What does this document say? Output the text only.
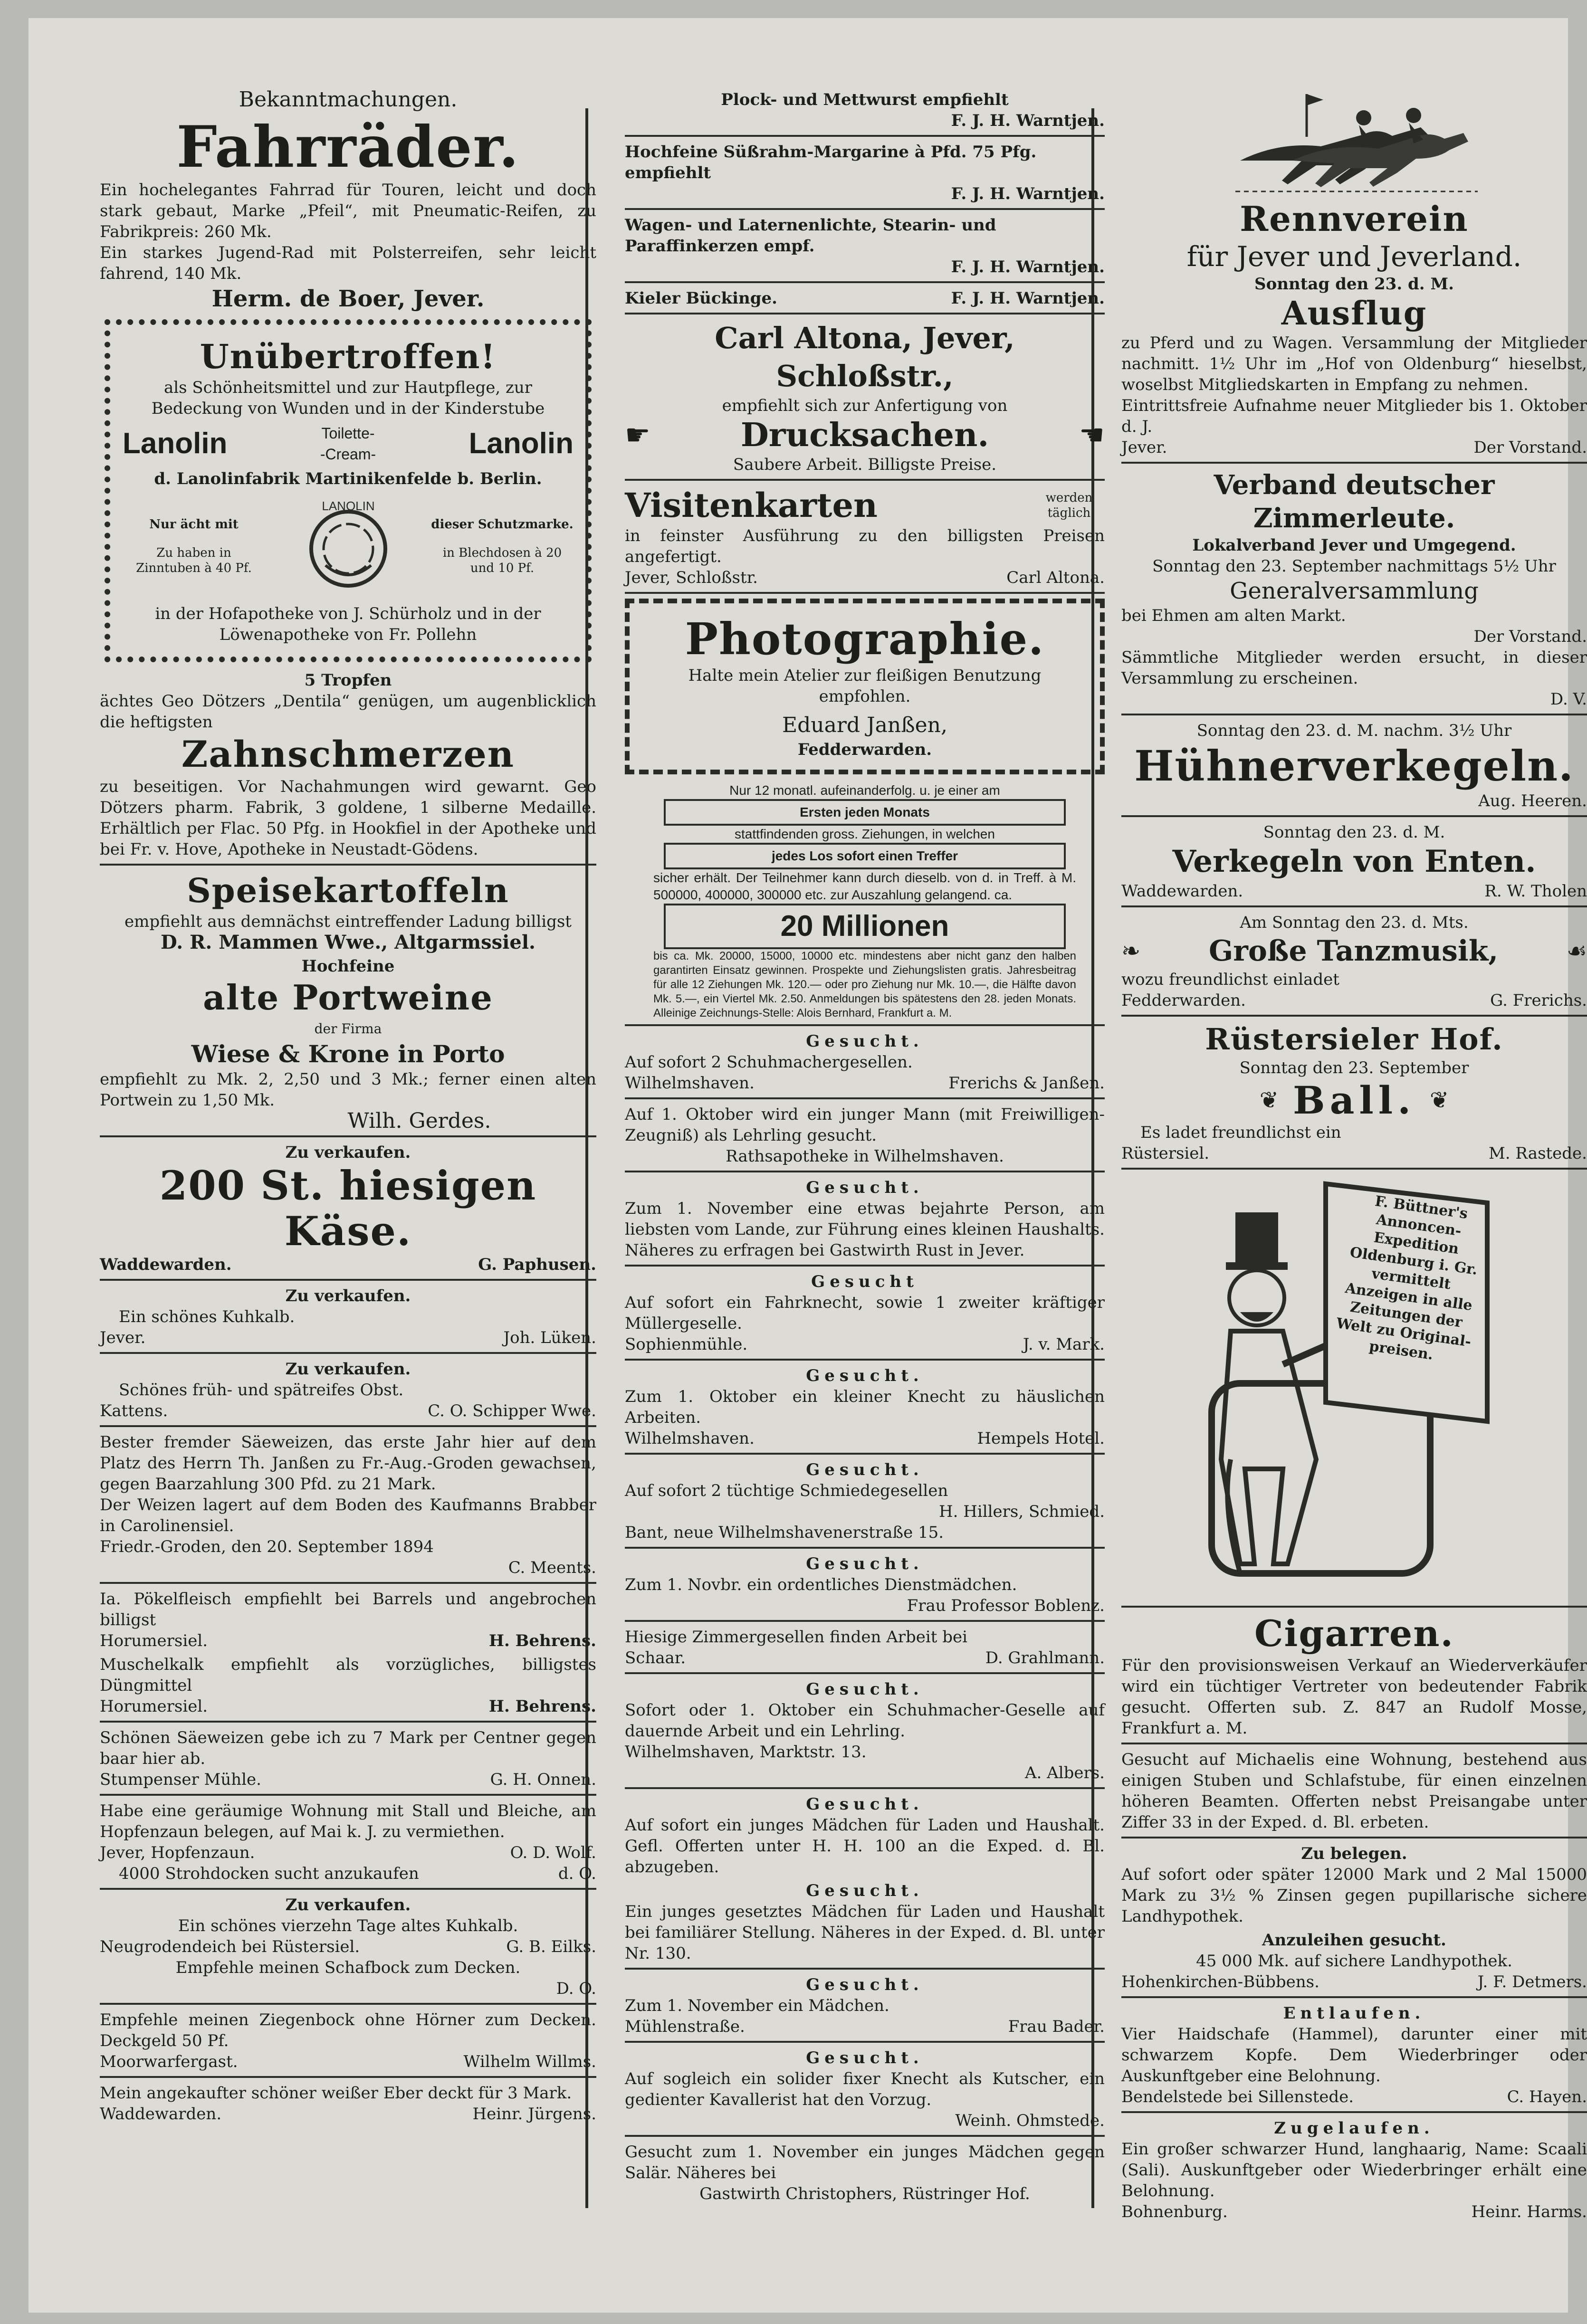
Bekanntmachungen.
Fahrräder.
Ein hochelegantes Fahrrad für Touren, leicht und doch stark gebaut, Marke „Pfeil“, mit Pneumatic-Reifen, zu Fabrikpreis: 260 Mk.
Ein starkes Jugend-Rad mit Polsterreifen, sehr leicht fahrend, 140 Mk.
Herm. de Boer, Jever.
Unübertroffen!
als Schönheitsmittel und zur Hautpflege, zur Bedeckung von Wunden und in der Kinderstube
Lanolin	Toilette-
-Cream-	Lanolin
d. Lanolinfabrik Martinikenfelde b. Berlin.
Nur ächt mit
Zu haben in Zinntuben à 40 Pf.
LANOLIN
dieser Schutzmarke.
in Blechdosen à 20 und 10 Pf.
in der Hofapotheke von J. Schürholz und in der Löwenapotheke von Fr. Pollehn
5 Tropfen
ächtes Geo Dötzers „Dentila“ genügen, um augenblicklich die heftigsten
Zahnschmerzen
zu beseitigen. Vor Nachahmungen wird gewarnt. Geo Dötzers pharm. Fabrik, 3 goldene, 1 silberne Medaille. Erhältlich per Flac. 50 Pfg. in Hookfiel in der Apotheke und bei Fr. v. Hove, Apotheke in Neustadt-Gödens.
Speisekartoffeln
empfiehlt aus demnächst eintreffender Ladung billigst
D. R. Mammen Wwe., Altgarmssiel.
Hochfeine
alte Portweine
der Firma
Wiese & Krone in Porto
empfiehlt zu Mk. 2, 2,50 und 3 Mk.; ferner einen alten Portwein zu 1,50 Mk.
Wilh. Gerdes.
Zu verkaufen.
200 St. hiesigen Käse.
Waddewarden.	G. Paphusen.
Zu verkaufen.
Ein schönes Kuhkalb.
Jever.	Joh. Lüken.
Zu verkaufen.
Schönes früh- und spätreifes Obst.
Kattens.	C. O. Schipper Wwe.
Bester fremder Säeweizen, das erste Jahr hier auf dem Platz des Herrn Th. Janßen zu Fr.-Aug.-Groden gewachsen, gegen Baarzahlung 300 Pfd. zu 21 Mark.
Der Weizen lagert auf dem Boden des Kaufmanns Brabber in Carolinensiel.
Friedr.-Groden, den 20. September 1894
C. Meents.
Ia. Pökelfleisch empfiehlt bei Barrels und angebrochen billigst
Horumersiel.	H. Behrens.
Muschelkalk empfiehlt als vorzügliches, billigstes Düngmittel
Horumersiel.	H. Behrens.
Schönen Säeweizen gebe ich zu 7 Mark per Centner gegen baar hier ab.
Stumpenser Mühle.	G. H. Onnen.
Habe eine geräumige Wohnung mit Stall und Bleiche, am Hopfenzaun belegen, auf Mai k. J. zu vermiethen.
Jever, Hopfenzaun.	O. D. Wolf.
4000 Strohdocken sucht anzukaufen	d. O.
Zu verkaufen.
Ein schönes vierzehn Tage altes Kuhkalb.
Neugrodendeich bei Rüstersiel.	G. B. Eilks.
Empfehle meinen Schafbock zum Decken.
D. O.
Empfehle meinen Ziegenbock ohne Hörner zum Decken. Deckgeld 50 Pf.
Moorwarfergast.	Wilhelm Willms.
Mein angekaufter schöner weißer Eber deckt für 3 Mark.
Waddewarden.	Heinr. Jürgens.
Plock- und Mettwurst empfiehlt
F. J. H. Warntjen.
Hochfeine Süßrahm-Margarine à Pfd. 75 Pfg. empfiehlt
F. J. H. Warntjen.
Wagen- und Laternenlichte, Stearin- und Paraffinkerzen empf.
F. J. H. Warntjen.
Kieler Bückinge.	F. J. H. Warntjen.
Carl Altona, Jever, Schloßstr.,
empfiehlt sich zur Anfertigung von
☛	Drucksachen.	☛
Saubere Arbeit. Billigste Preise.
Visitenkarten	werden täglich
in feinster Ausführung zu den billigsten Preisen angefertigt.
Jever, Schloßstr.	Carl Altona.
Photographie.
Halte mein Atelier zur fleißigen Benutzung empfohlen.
Eduard Janßen,
Fedderwarden.
Nur 12 monatl. aufeinanderfolg. u. je einer am
Ersten jeden Monats
stattfindenden gross. Ziehungen, in welchen
jedes Los sofort einen Treffer
sicher erhält. Der Teilnehmer kann durch dieselb. von d. in Treff. à M. 500000, 400000, 300000 etc. zur Auszahlung gelangend. ca.
20 Millionen
bis ca. Mk. 20000, 15000, 10000 etc. mindestens aber nicht ganz den halben garantirten Einsatz gewinnen. Prospekte und Ziehungslisten gratis. Jahresbeitrag für alle 12 Ziehungen Mk. 120.— oder pro Ziehung nur Mk. 10.—, die Hälfte davon Mk. 5.—, ein Viertel Mk. 2.50. Anmeldungen bis spätestens den 28. jeden Monats. Alleinige Zeichnungs-Stelle: Alois Bernhard, Frankfurt a. M.
Gesucht.
Auf sofort 2 Schuhmachergesellen.
Wilhelmshaven.	Frerichs & Janßen.
Auf 1. Oktober wird ein junger Mann (mit Freiwilligen-Zeugniß) als Lehrling gesucht.
Rathsapotheke in Wilhelmshaven.
Gesucht.
Zum 1. November eine etwas bejahrte Person, am liebsten vom Lande, zur Führung eines kleinen Haushalts. Näheres zu erfragen bei Gastwirth Rust in Jever.
Gesucht
Auf sofort ein Fahrknecht, sowie 1 zweiter kräftiger Müllergeselle.
Sophienmühle.	J. v. Mark.
Gesucht.
Zum 1. Oktober ein kleiner Knecht zu häuslichen Arbeiten.
Wilhelmshaven.	Hempels Hotel.
Gesucht.
Auf sofort 2 tüchtige Schmiedegesellen
H. Hillers, Schmied.
Bant, neue Wilhelmshavenerstraße 15.
Gesucht.
Zum 1. Novbr. ein ordentliches Dienstmädchen.
Frau Professor Boblenz.
Hiesige Zimmergesellen finden Arbeit bei
Schaar.	D. Grahlmann.
Gesucht.
Sofort oder 1. Oktober ein Schuhmacher-Geselle auf dauernde Arbeit und ein Lehrling.
Wilhelmshaven, Marktstr. 13.
A. Albers.
Gesucht.
Auf sofort ein junges Mädchen für Laden und Haushalt. Gefl. Offerten unter H. H. 100 an die Exped. d. Bl. abzugeben.
Gesucht.
Ein junges gesetztes Mädchen für Laden und Haushalt bei familiärer Stellung. Näheres in der Exped. d. Bl. unter Nr. 130.
Gesucht.
Zum 1. November ein Mädchen.
Mühlenstraße.	Frau Bader.
Gesucht.
Auf sogleich ein solider fixer Knecht als Kutscher, ein gedienter Kavallerist hat den Vorzug.
Weinh. Ohmstede.
Gesucht zum 1. November ein junges Mädchen gegen Salär. Näheres bei
Gastwirth Christophers, Rüstringer Hof.
Rennverein
für Jever und Jeverland.
Sonntag den 23. d. M.
Ausflug
zu Pferd und zu Wagen. Versammlung der Mitglieder nachmitt. 1½ Uhr im „Hof von Oldenburg“ hieselbst, woselbst Mitgliedskarten in Empfang zu nehmen.
Eintrittsfreie Aufnahme neuer Mitglieder bis 1. Oktober d. J.
Jever.	Der Vorstand.
Verband deutscher Zimmerleute.
Lokalverband Jever und Umgegend.
Sonntag den 23. September nachmittags 5½ Uhr
Generalversammlung
bei Ehmen am alten Markt.
Der Vorstand.
Sämmtliche Mitglieder werden ersucht, in dieser Versammlung zu erscheinen.
D. V.
Sonntag den 23. d. M. nachm. 3½ Uhr
Hühnerverkegeln.
Aug. Heeren.
Sonntag den 23. d. M.
Verkegeln von Enten.
Waddewarden.	R. W. Tholen
Am Sonntag den 23. d. Mts.
❧ Große Tanzmusik,	☙
wozu freundlichst einladet
Fedderwarden.	G. Frerichs.
Rüstersieler Hof.
Sonntag den 23. September
❦ Ball. ❦
Es ladet freundlichst ein
Rüstersiel.	M. Rastede.
F. Büttner's Annoncen-Expedition Oldenburg i. Gr. vermittelt Anzeigen in alle Zeitungen der Welt zu Original-preisen.
Cigarren.
Für den provisionsweisen Verkauf an Wiederverkäufer wird ein tüchtiger Vertreter von bedeutender Fabrik gesucht. Offerten sub. Z. 847 an Rudolf Mosse, Frankfurt a. M.
Gesucht auf Michaelis eine Wohnung, bestehend aus einigen Stuben und Schlafstube, für einen einzelnen höheren Beamten. Offerten nebst Preisangabe unter Ziffer 33 in der Exped. d. Bl. erbeten.
Zu belegen.
Auf sofort oder später 12000 Mark und 2 Mal 15000 Mark zu 3½ % Zinsen gegen pupillarische sichere Landhypothek.
Anzuleihen gesucht.
45 000 Mk. auf sichere Landhypothek.
Hohenkirchen-Bübbens.	J. F. Detmers.
Entlaufen.
Vier Haidschafe (Hammel), darunter einer mit schwarzem Kopfe. Dem Wiederbringer oder Auskunftgeber eine Belohnung.
Bendelstede bei Sillenstede.	C. Hayen.
Zugelaufen.
Ein großer schwarzer Hund, langhaarig, Name: Scaali (Sali). Auskunftgeber oder Wiederbringer erhält eine Belohnung.
Bohnenburg.	Heinr. Harms.
